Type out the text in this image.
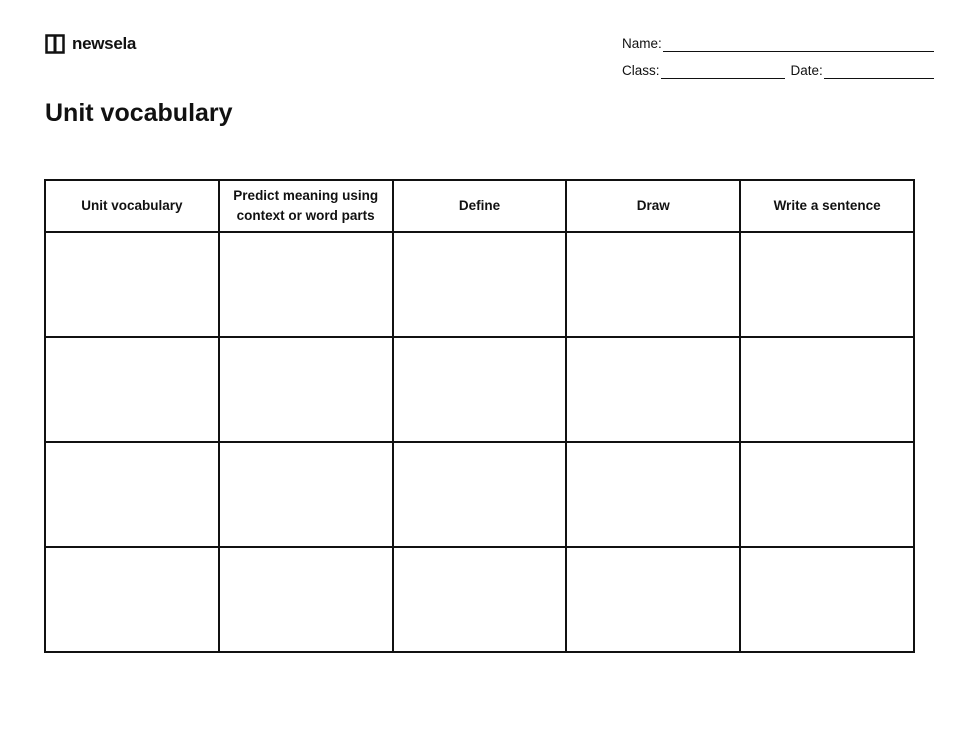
newsela	Name:
Class:	Date:
Unit vocabulary
Unit vocabulary	Predict meaning using context or word parts	Define	Draw	Write a sentence
